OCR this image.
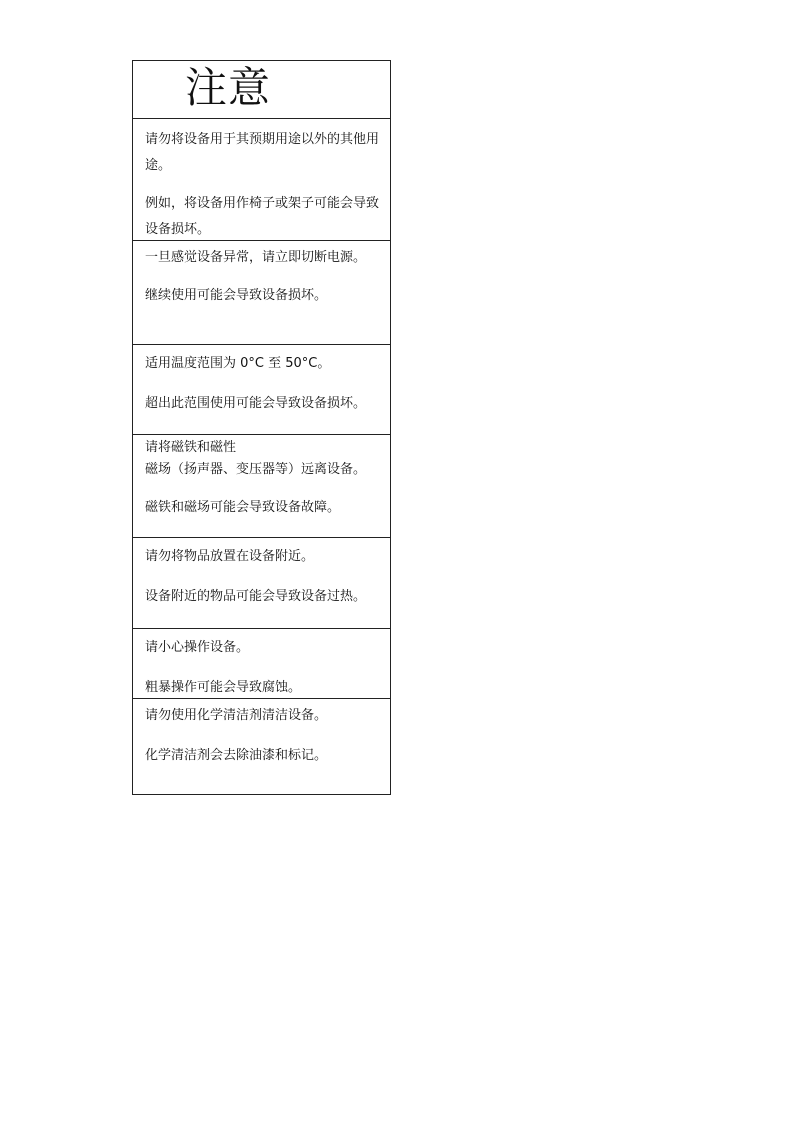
注意

请勿将设备用于其预期用途以外的其他用途。

例如，将设备用作椅子或架子可能会导致设备损坏。

一旦感觉设备异常，请立即切断电源。

继续使用可能会导致设备损坏。

适用温度范围为 0°C 至 50°C。

超出此范围使用可能会导致设备损坏。

请将磁铁和磁性

磁场（扬声器、变压器等）远离设备。

磁铁和磁场可能会导致设备故障。

请勿将物品放置在设备附近。

设备附近的物品可能会导致设备过热。

请小心操作设备。

粗暴操作可能会导致腐蚀。

请勿使用化学清洁剂清洁设备。

化学清洁剂会去除油漆和标记。
